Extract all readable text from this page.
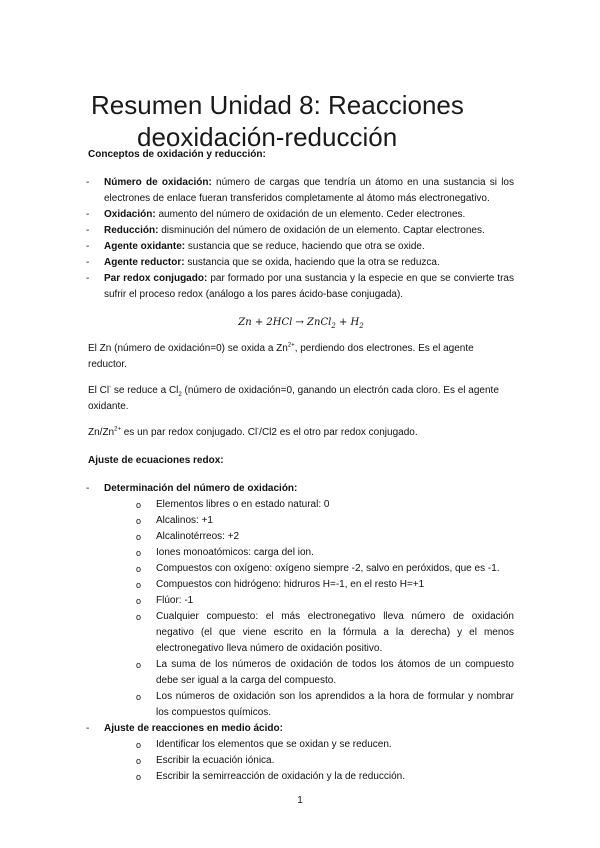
Resumen Unidad 8: Reacciones
deoxidación-reducción
Conceptos de oxidación y reducción:
- Número de oxidación: número de cargas que tendría un átomo en una sustancia si los electrones de enlace fueran transferidos completamente al átomo más electronegativo.
- Oxidación: aumento del número de oxidación de un elemento. Ceder electrones.
- Reducción: disminución del número de oxidación de un elemento. Captar electrones.
- Agente oxidante: sustancia que se reduce, haciendo que otra se oxide.
- Agente reductor: sustancia que se oxida, haciendo que la otra se reduzca.
- Par redox conjugado: par formado por una sustancia y la especie en que se convierte tras sufrir el proceso redox (análogo a los pares ácido-base conjugada).
Zn + 2HCl → ZnCl$_2$ + $H_2$

El Zn (número de oxidación=0) se oxida a $Zn^{2+}$, perdiendo dos electrones. Es el agente reductor.

El Cl- se reduce a $Cl_2$ (número de oxidación=0, ganando un electrón cada cloro. Es el agente oxidante.

$Zn/Zn^{2+}$ es un par redox conjugado. Cl-/Cl2 es el otro par redox conjugado.

Ajuste de ecuaciones redox:
- Determinación del número de oxidación:
o Elementos libres o en estado natural: 0
o Alcalinos: +1
o Alcalinotérreos: +2
o Iones monoatómicos: carga del ion.
o Compuestos con oxígeno: oxígeno siempre -2, salvo en peróxidos, que es -1.
o Compuestos con hidrógeno: hidruros H=-1, en el resto H=+1
o Flúor: -1
o Cualquier compuesto: el más electronegativo lleva número de oxidación negativo (el que viene escrito en la fórmula a la derecha) y el menos electronegativo lleva número de oxidación positivo.
o La suma de los números de oxidación de todos los átomos de un compuesto debe ser igual a la carga del compuesto.
o Los números de oxidación son los aprendidos a la hora de formular y nombrar los compuestos químicos.
- Ajuste de reacciones en medio ácido:
o Identificar los elementos que se oxidan y se reducen.
o Escribir la ecuación iónica.
o Escribir la semirreacción de oxidación y la de reducción.
1
